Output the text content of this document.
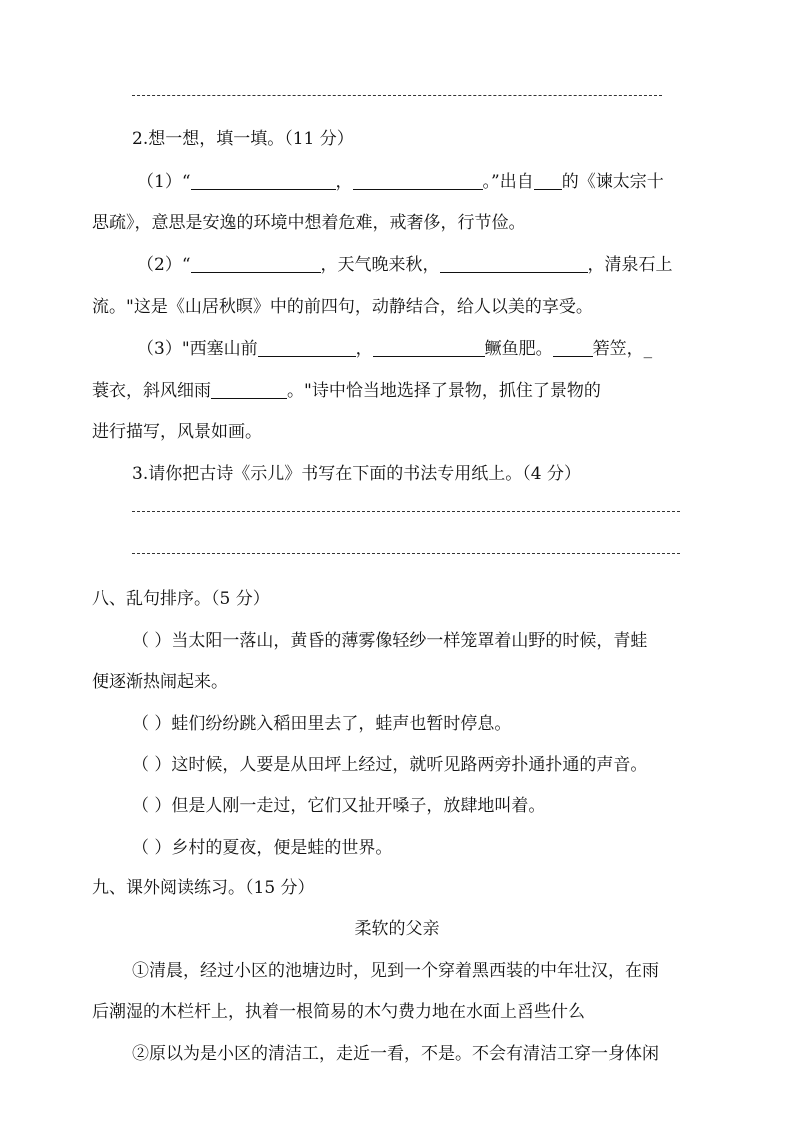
2.想一想，填一填。（11 分）
（1）“	，	。”出自 的《谏太宗十
思疏》，意思是安逸的环境中想着危难，戒奢侈，行节俭。
（2）“	，天气晚来秋，	，清泉石上
流。"这是《山居秋暝》中的前四句，动静结合，给人以美的享受。
（3）"西塞山前	，	鳜鱼肥。 箬笠，_
蓑衣，斜风细雨	。"诗中恰当地选择了景物，抓住了景物的
进行描写，风景如画。
3.请你把古诗《示儿》书写在下面的书法专用纸上。（4 分）
八、乱句排序。（5 分）
（ ）当太阳一落山，黄昏的薄雾像轻纱一样笼罩着山野的时候，青蛙
便逐渐热闹起来。
（ ）蛙们纷纷跳入稻田里去了，蛙声也暂时停息。
（ ）这时候，人要是从田坪上经过，就听见路两旁扑通扑通的声音。
（ ）但是人刚一走过，它们又扯开嗓子，放肆地叫着。
（ ）乡村的夏夜，便是蛙的世界。
九、课外阅读练习。（15 分）
柔软的父亲
①清晨，经过小区的池塘边时，见到一个穿着黑西装的中年壮汉，在雨
后潮湿的木栏杆上，执着一根简易的木勺费力地在水面上舀些什么
②原以为是小区的清洁工，走近一看，不是。不会有清洁工穿一身体闲
